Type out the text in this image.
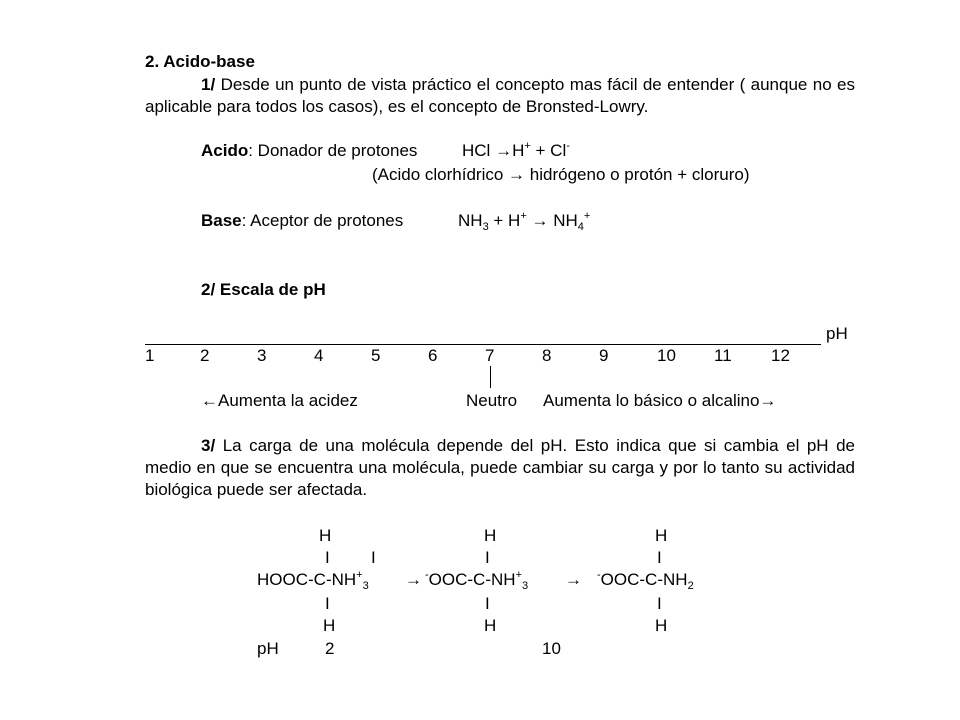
2. Acido-base
1/ Desde un punto de vista práctico el concepto mas fácil de entender ( aunque no es aplicable para todos los casos), es el concepto de Bronsted-Lowry.
Acido: Donador de protones	HCl →H+ + Cl-
(Acido clorhídrico → hidrógeno o protón + cloruro)
Base: Aceptor de protones	$NH_3 + H^+ \to NH_4^+$
2/ Escala de pH
pH
1	2	3	4	5	6	7	8	9	10 11 12
←Aumenta la acidez	Neutro Aumenta lo básico o alcalino→
3/ La carga de una molécula depende del pH. Esto indica que si cambia el pH de medio en que se encuentra una molécula, puede cambiar su carga y por lo tanto su actividad biológica puede ser afectada.
H
I I
HOOC-$C-NH^+_3$
I
H
→
H
I
$^-OOC-C-NH^+_3$
I
H
→
H
I
$^-OOC-C-NH_2$
I
H
pH	2	10
